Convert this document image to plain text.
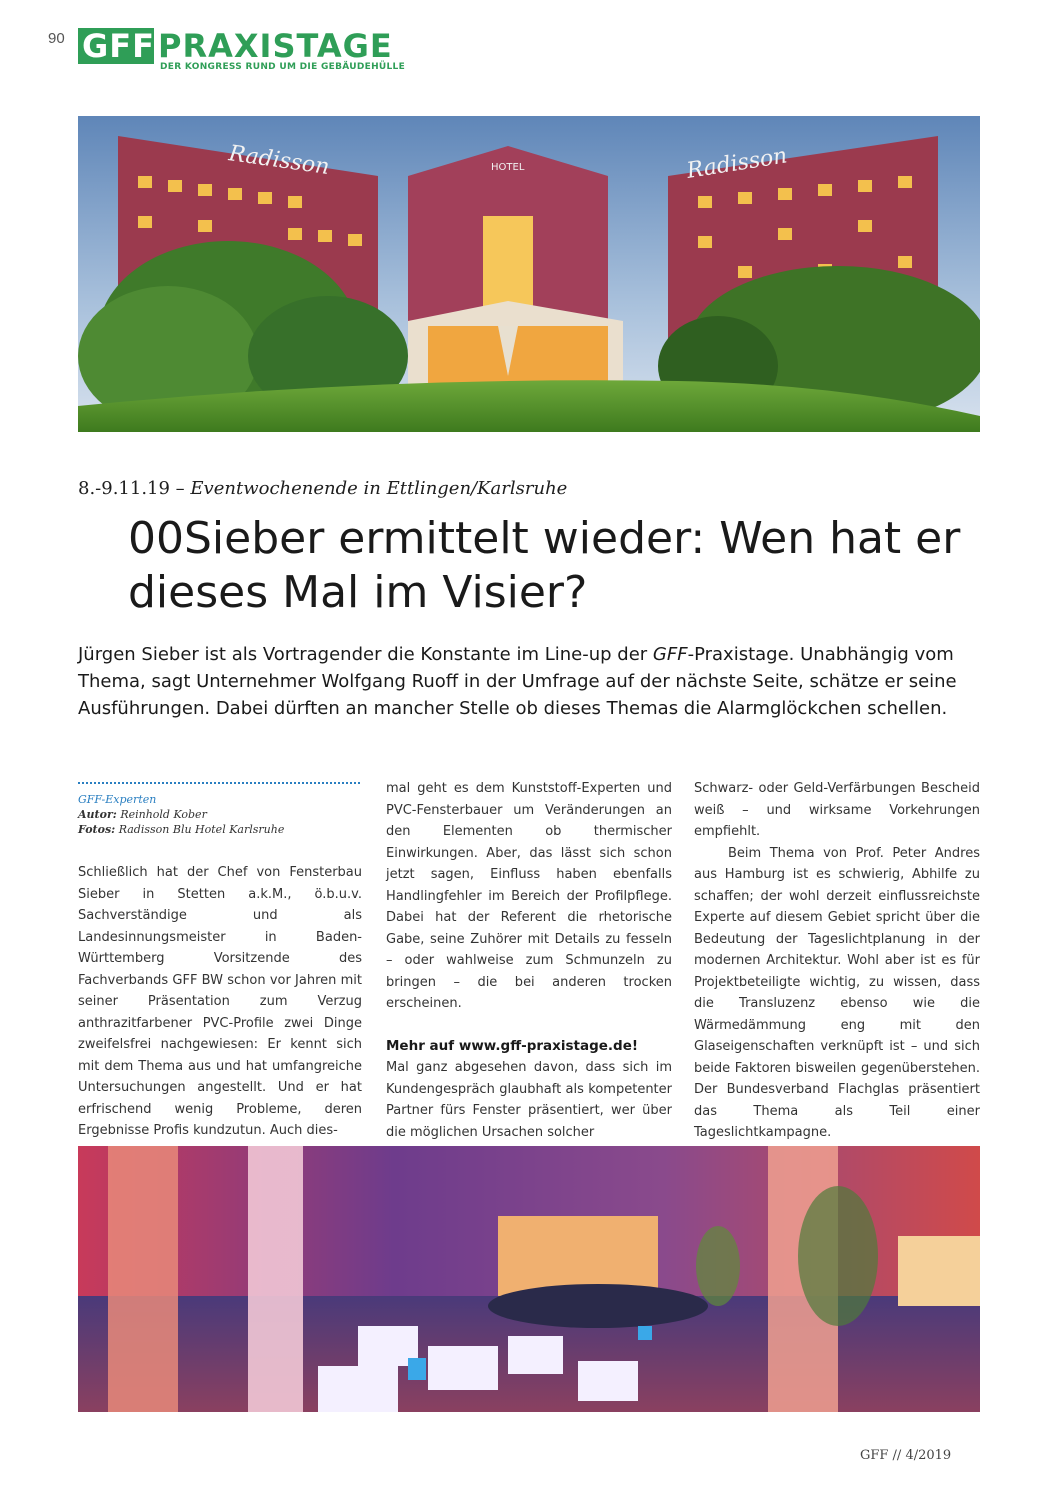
90 GFF PRAXISTAGE
DER KONGRESS RUND UM DIE GEBÄUDEHÜLLE
Radisson	Radisson
HOTEL
8.-9.11.19 – Eventwochenende in Ettlingen/Karlsruhe
00Sieber ermittelt wieder: Wen hat er dieses Mal im Visier?
Jürgen Sieber ist als Vortragender die Konstante im Line-up der GFF-Praxistage. Unabhängig vom Thema, sagt Unternehmer Wolfgang Ruoff in der Umfrage auf der nächste Seite, schätze er seine Ausführungen. Dabei dürften an mancher Stelle ob dieses Themas die Alarmglöckchen schellen.
GFF-Experten
Autor: Reinhold Kober
Fotos: Radisson Blu Hotel Karlsruhe

Schließlich hat der Chef von Fensterbau Sieber in Stetten a.k.M., ö.b.u.v. Sachverständige und als Landesinnungsmeister in Baden-Württemberg Vorsitzende des Fachverbands GFF BW schon vor Jahren mit seiner Präsentation zum Verzug anthrazitfarbener PVC-Profile zwei Dinge zweifelsfrei nachgewiesen: Er kennt sich mit dem Thema aus und hat umfangreiche Untersuchungen angestellt. Und er hat erfrischend wenig Probleme, deren Ergebnisse Profis kundzutun. Auch dies-

mal geht es dem Kunststoff-Experten und PVC-Fensterbauer um Veränderungen an den Elementen ob thermischer Einwirkungen. Aber, das lässt sich schon jetzt sagen, Einfluss haben ebenfalls Handlingfehler im Bereich der Profilpflege. Dabei hat der Referent die rhetorische Gabe, seine Zuhörer mit Details zu fesseln – oder wahlweise zum Schmunzeln zu bringen – die bei anderen trocken erscheinen.

Mehr auf www.gff-praxistage.de!

Mal ganz abgesehen davon, dass sich im Kundengespräch glaubhaft als kompetenter Partner fürs Fenster präsentiert, wer über die möglichen Ursachen solcher

Schwarz- oder Geld-Verfärbungen Bescheid weiß – und wirksame Vorkehrungen empfiehlt.

Beim Thema von Prof. Peter Andres aus Hamburg ist es schwierig, Abhilfe zu schaffen; der wohl derzeit einflussreichste Experte auf diesem Gebiet spricht über die Bedeutung der Tageslichtplanung in der modernen Architektur. Wohl aber ist es für Projektbeteiligte wichtig, zu wissen, dass die Transluzenz ebenso wie die Wärmedämmung eng mit den Glaseigenschaften verknüpft ist – und sich beide Faktoren bisweilen gegenüberstehen. Der Bundesverband Flachglas präsentiert das Thema als Teil einer Tageslichtkampagne.

GFF // 4/2019
